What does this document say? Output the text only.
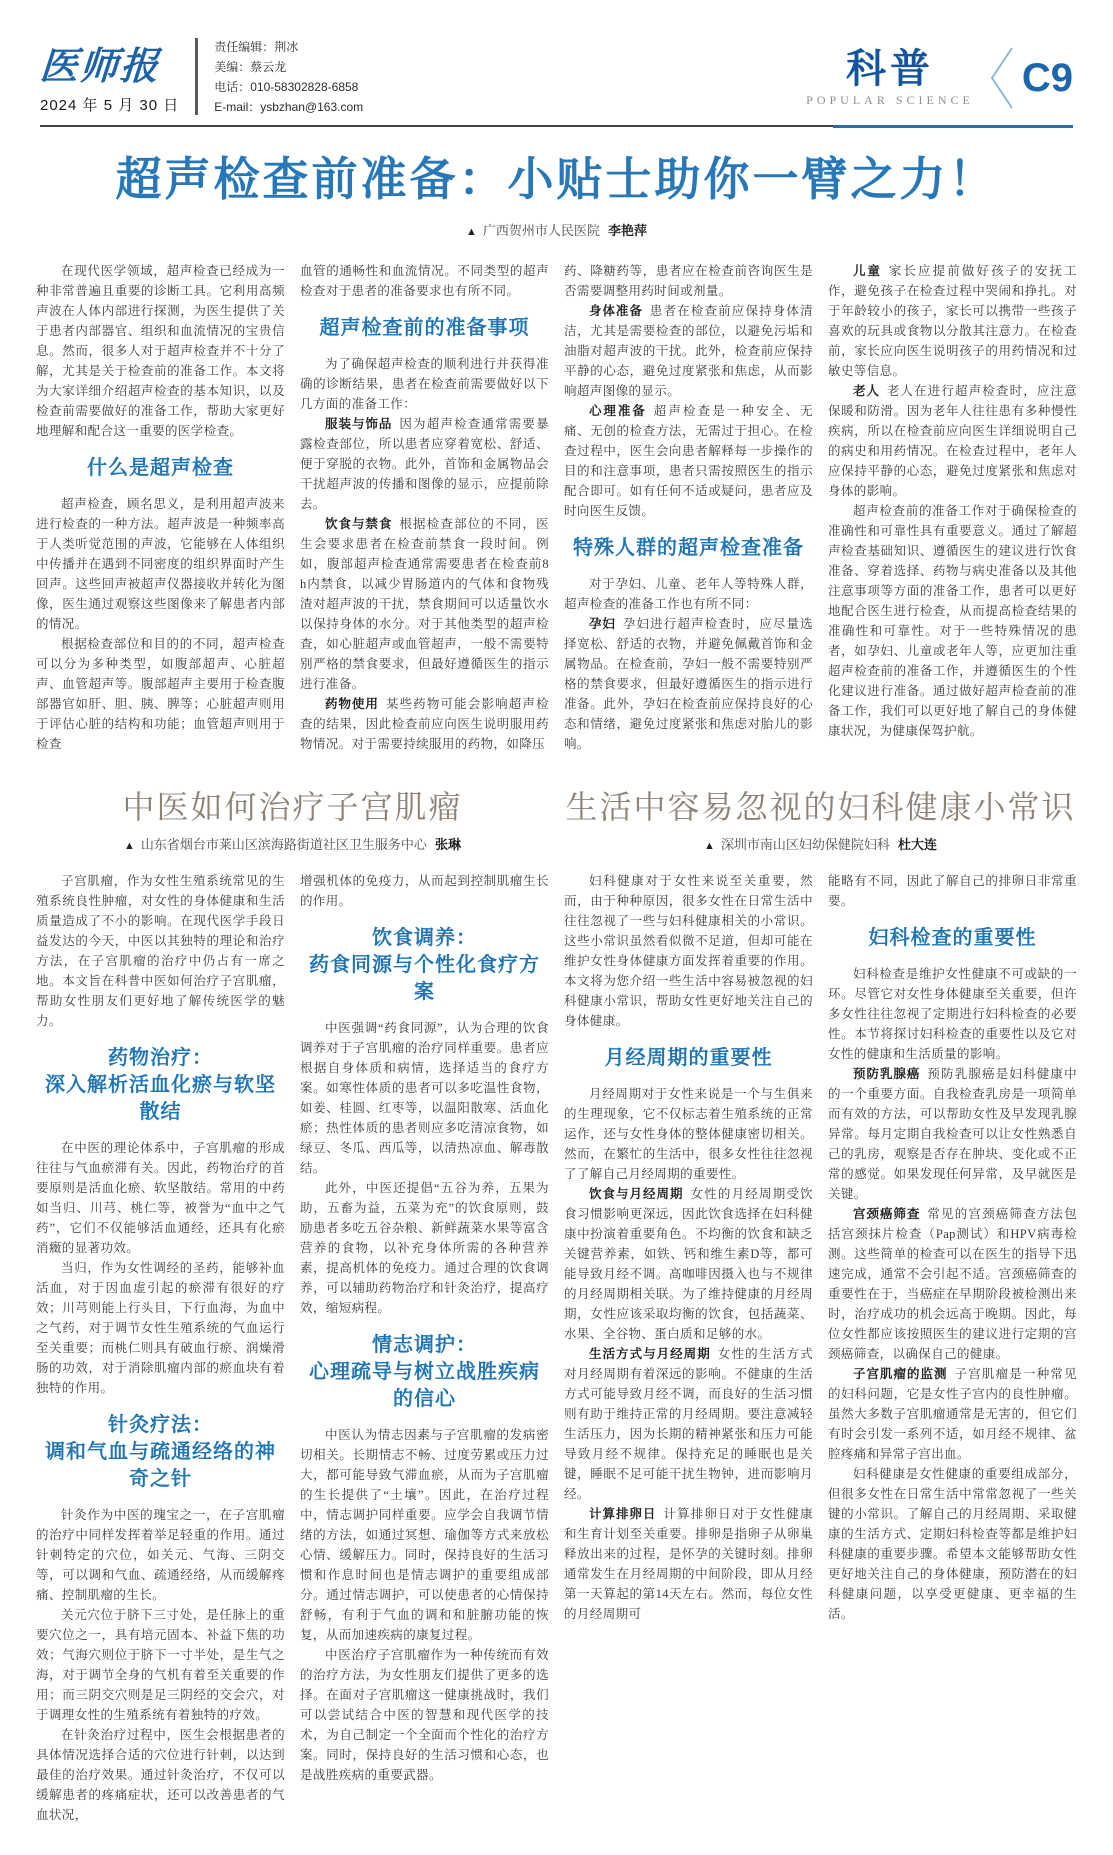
医师报
2024 年 5 月 30 日
责任编辑：荆冰
美编：蔡云龙
电话：010-58302828-6858
E-mail：ysbzhan@163.com
科普
POPULAR SCIENCE C9
超声检查前准备：小贴士助你一臂之力！
▲ 广西贺州市人民医院 李艳萍

在现代医学领域，超声检查已经成为一种非常普遍且重要的诊断工具。它利用高频声波在人体内部进行探测，为医生提供了关于患者内部器官、组织和血流情况的宝贵信息。然而，很多人对于超声检查并不十分了解，尤其是关于检查前的准备工作。本文将为大家详细介绍超声检查的基本知识，以及检查前需要做好的准备工作，帮助大家更好地理解和配合这一重要的医学检查。

什么是超声检查

超声检查，顾名思义，是利用超声波来进行检查的一种方法。超声波是一种频率高于人类听觉范围的声波，它能够在人体组织中传播并在遇到不同密度的组织界面时产生回声。这些回声被超声仪器接收并转化为图像，医生通过观察这些图像来了解患者内部的情况。

根据检查部位和目的的不同，超声检查可以分为多种类型，如腹部超声、心脏超声、血管超声等。腹部超声主要用于检查腹部器官如肝、胆、胰、脾等；心脏超声则用于评估心脏的结构和功能；血管超声则用于检查

血管的通畅性和血流情况。不同类型的超声检查对于患者的准备要求也有所不同。

超声检查前的准备事项

为了确保超声检查的顺利进行并获得准确的诊断结果，患者在检查前需要做好以下几方面的准备工作：

服装与饰品 因为超声检查通常需要暴露检查部位，所以患者应穿着宽松、舒适、便于穿脱的衣物。此外，首饰和金属物品会干扰超声波的传播和图像的显示，应提前除去。

饮食与禁食 根据检查部位的不同，医生会要求患者在检查前禁食一段时间。例如，腹部超声检查通常需要患者在检查前8 h内禁食，以减少胃肠道内的气体和食物残渣对超声波的干扰，禁食期间可以适量饮水以保持身体的水分。对于其他类型的超声检查，如心脏超声或血管超声，一般不需要特别严格的禁食要求，但最好遵循医生的指示进行准备。

药物使用 某些药物可能会影响超声检查的结果，因此检查前应向医生说明服用药物情况。对于需要持续服用的药物，如降压

药、降糖药等，患者应在检查前咨询医生是否需要调整用药时间或剂量。

身体准备 患者在检查前应保持身体清洁，尤其是需要检查的部位，以避免污垢和油脂对超声波的干扰。此外，检查前应保持平静的心态，避免过度紧张和焦虑，从而影响超声图像的显示。

心理准备 超声检查是一种安全、无痛、无创的检查方法，无需过于担心。在检查过程中，医生会向患者解释每一步操作的目的和注意事项，患者只需按照医生的指示配合即可。如有任何不适或疑问，患者应及时向医生反馈。

特殊人群的超声检查准备

对于孕妇、儿童、老年人等特殊人群，超声检查的准备工作也有所不同：

孕妇 孕妇进行超声检查时，应尽量选择宽松、舒适的衣物，并避免佩戴首饰和金属物品。在检查前，孕妇一般不需要特别严格的禁食要求，但最好遵循医生的指示进行准备。此外，孕妇在检查前应保持良好的心态和情绪，避免过度紧张和焦虑对胎儿的影响。

儿童 家长应提前做好孩子的安抚工作，避免孩子在检查过程中哭闹和挣扎。对于年龄较小的孩子，家长可以携带一些孩子喜欢的玩具或食物以分散其注意力。在检查前，家长应向医生说明孩子的用药情况和过敏史等信息。

老人 老人在进行超声检查时，应注意保暖和防滑。因为老年人往往患有多种慢性疾病，所以在检查前应向医生详细说明自己的病史和用药情况。在检查过程中，老年人应保持平静的心态，避免过度紧张和焦虑对身体的影响。

超声检查前的准备工作对于确保检查的准确性和可靠性具有重要意义。通过了解超声检查基础知识、遵循医生的建议进行饮食准备、穿着选择、药物与病史准备以及其他注意事项等方面的准备工作，患者可以更好地配合医生进行检查，从而提高检查结果的准确性和可靠性。对于一些特殊情况的患者，如孕妇、儿童或老年人等，应更加注重超声检查前的准备工作，并遵循医生的个性化建议进行准备。通过做好超声检查前的准备工作，我们可以更好地了解自己的身体健康状况，为健康保驾护航。

中医如何治疗子宫肌瘤
▲ 山东省烟台市莱山区滨海路街道社区卫生服务中心 张琳

子宫肌瘤，作为女性生殖系统常见的生殖系统良性肿瘤，对女性的身体健康和生活质量造成了不小的影响。在现代医学手段日益发达的今天，中医以其独特的理论和治疗方法，在子宫肌瘤的治疗中仍占有一席之地。本文旨在科普中医如何治疗子宫肌瘤，帮助女性朋友们更好地了解传统医学的魅力。

药物治疗：
深入解析活血化瘀与软坚散结

在中医的理论体系中，子宫肌瘤的形成往往与气血瘀滞有关。因此，药物治疗的首要原则是活血化瘀、软坚散结。常用的中药如当归、川芎、桃仁等，被誉为“血中之气药”，它们不仅能够活血通经，还具有化瘀消癥的显著功效。

当归，作为女性调经的圣药，能够补血活血，对于因血虚引起的瘀滞有很好的疗效；川芎则能上行头目，下行血海，为血中之气药，对于调节女性生殖系统的气血运行至关重要；而桃仁则具有破血行瘀、润燥滑肠的功效，对于消除肌瘤内部的瘀血块有着独特的作用。

针灸疗法：
调和气血与疏通经络的神奇之针

针灸作为中医的瑰宝之一，在子宫肌瘤的治疗中同样发挥着举足轻重的作用。通过针刺特定的穴位，如关元、气海、三阴交等，可以调和气血、疏通经络，从而缓解疼痛、控制肌瘤的生长。

关元穴位于脐下三寸处，是任脉上的重要穴位之一，具有培元固本、补益下焦的功效；气海穴则位于脐下一寸半处，是生气之海，对于调节全身的气机有着至关重要的作用；而三阴交穴则是足三阴经的交会穴，对于调理女性的生殖系统有着独特的疗效。

在针灸治疗过程中，医生会根据患者的具体情况选择合适的穴位进行针刺，以达到最佳的治疗效果。通过针灸治疗，不仅可以缓解患者的疼痛症状，还可以改善患者的气血状况，

增强机体的免疫力，从而起到控制肌瘤生长的作用。

饮食调养：
药食同源与个性化食疗方案

中医强调“药食同源”，认为合理的饮食调养对于子宫肌瘤的治疗同样重要。患者应根据自身体质和病情，选择适当的食疗方案。如寒性体质的患者可以多吃温性食物，如姜、桂圆、红枣等，以温阳散寒、活血化瘀；热性体质的患者则应多吃清凉食物，如绿豆、冬瓜、西瓜等，以清热凉血、解毒散结。

此外，中医还提倡“五谷为养，五果为助，五畜为益，五菜为充”的饮食原则，鼓励患者多吃五谷杂粮、新鲜蔬菜水果等富含营养的食物，以补充身体所需的各种营养素，提高机体的免疫力。通过合理的饮食调养，可以辅助药物治疗和针灸治疗，提高疗效，缩短病程。

情志调护：
心理疏导与树立战胜疾病的信心

中医认为情志因素与子宫肌瘤的发病密切相关。长期情志不畅、过度劳累或压力过大，都可能导致气滞血瘀，从而为子宫肌瘤的生长提供了“土壤”。因此，在治疗过程中，情志调护同样重要。应学会自我调节情绪的方法，如通过冥想、瑜伽等方式来放松心情、缓解压力。同时，保持良好的生活习惯和作息时间也是情志调护的重要组成部分。通过情志调护，可以使患者的心情保持舒畅，有利于气血的调和和脏腑功能的恢复，从而加速疾病的康复过程。

中医治疗子宫肌瘤作为一种传统而有效的治疗方法，为女性朋友们提供了更多的选择。在面对子宫肌瘤这一健康挑战时，我们可以尝试结合中医的智慧和现代医学的技术，为自己制定一个全面而个性化的治疗方案。同时，保持良好的生活习惯和心态，也是战胜疾病的重要武器。

生活中容易忽视的妇科健康小常识
▲ 深圳市南山区妇幼保健院妇科 杜大连

妇科健康对于女性来说至关重要，然而，由于种种原因，很多女性在日常生活中往往忽视了一些与妇科健康相关的小常识。这些小常识虽然看似微不足道，但却可能在维护女性身体健康方面发挥着重要的作用。本文将为您介绍一些生活中容易被忽视的妇科健康小常识，帮助女性更好地关注自己的身体健康。

月经周期的重要性

月经周期对于女性来说是一个与生俱来的生理现象，它不仅标志着生殖系统的正常运作，还与女性身体的整体健康密切相关。然而，在繁忙的生活中，很多女性往往忽视了了解自己月经周期的重要性。

饮食与月经周期 女性的月经周期受饮食习惯影响更深远，因此饮食选择在妇科健康中扮演着重要角色。不均衡的饮食和缺乏关键营养素，如铁、钙和维生素D等，都可能导致月经不调。高咖啡因摄入也与不规律的月经周期相关联。为了维持健康的月经周期，女性应该采取均衡的饮食，包括蔬菜、水果、全谷物、蛋白质和足够的水。

生活方式与月经周期 女性的生活方式对月经周期有着深远的影响。不健康的生活方式可能导致月经不调，而良好的生活习惯则有助于维持正常的月经周期。要注意减轻生活压力，因为长期的精神紧张和压力可能导致月经不规律。保持充足的睡眠也是关键，睡眠不足可能干扰生物钟，进而影响月经。

计算排卵日 计算排卵日对于女性健康和生育计划至关重要。排卵是指卵子从卵巢释放出来的过程，是怀孕的关键时刻。排卵通常发生在月经周期的中间阶段，即从月经第一天算起的第14天左右。然而，每位女性的月经周期可

能略有不同，因此了解自己的排卵日非常重要。

妇科检查的重要性

妇科检查是维护女性健康不可或缺的一环。尽管它对女性身体健康至关重要，但许多女性往往忽视了定期进行妇科检查的必要性。本节将探讨妇科检查的重要性以及它对女性的健康和生活质量的影响。

预防乳腺癌 预防乳腺癌是妇科健康中的一个重要方面。自我检查乳房是一项简单而有效的方法，可以帮助女性及早发现乳腺异常。每月定期自我检查可以让女性熟悉自己的乳房，观察是否存在肿块、变化或不正常的感觉。如果发现任何异常，及早就医是关键。

宫颈癌筛查 常见的宫颈癌筛查方法包括宫颈抹片检查（Pap测试）和HPV病毒检测。这些简单的检查可以在医生的指导下迅速完成，通常不会引起不适。宫颈癌筛查的重要性在于，当癌症在早期阶段被检测出来时，治疗成功的机会远高于晚期。因此，每位女性都应该按照医生的建议进行定期的宫颈癌筛查，以确保自己的健康。

子宫肌瘤的监测 子宫肌瘤是一种常见的妇科问题，它是女性子宫内的良性肿瘤。虽然大多数子宫肌瘤通常是无害的，但它们有时会引发一系列不适，如月经不规律、盆腔疼痛和异常子宫出血。

妇科健康是女性健康的重要组成部分，但很多女性在日常生活中常常忽视了一些关键的小常识。了解自己的月经周期、采取健康的生活方式、定期妇科检查等都是维护妇科健康的重要步骤。希望本文能够帮助女性更好地关注自己的身体健康，预防潜在的妇科健康问题，以享受更健康、更幸福的生活。
